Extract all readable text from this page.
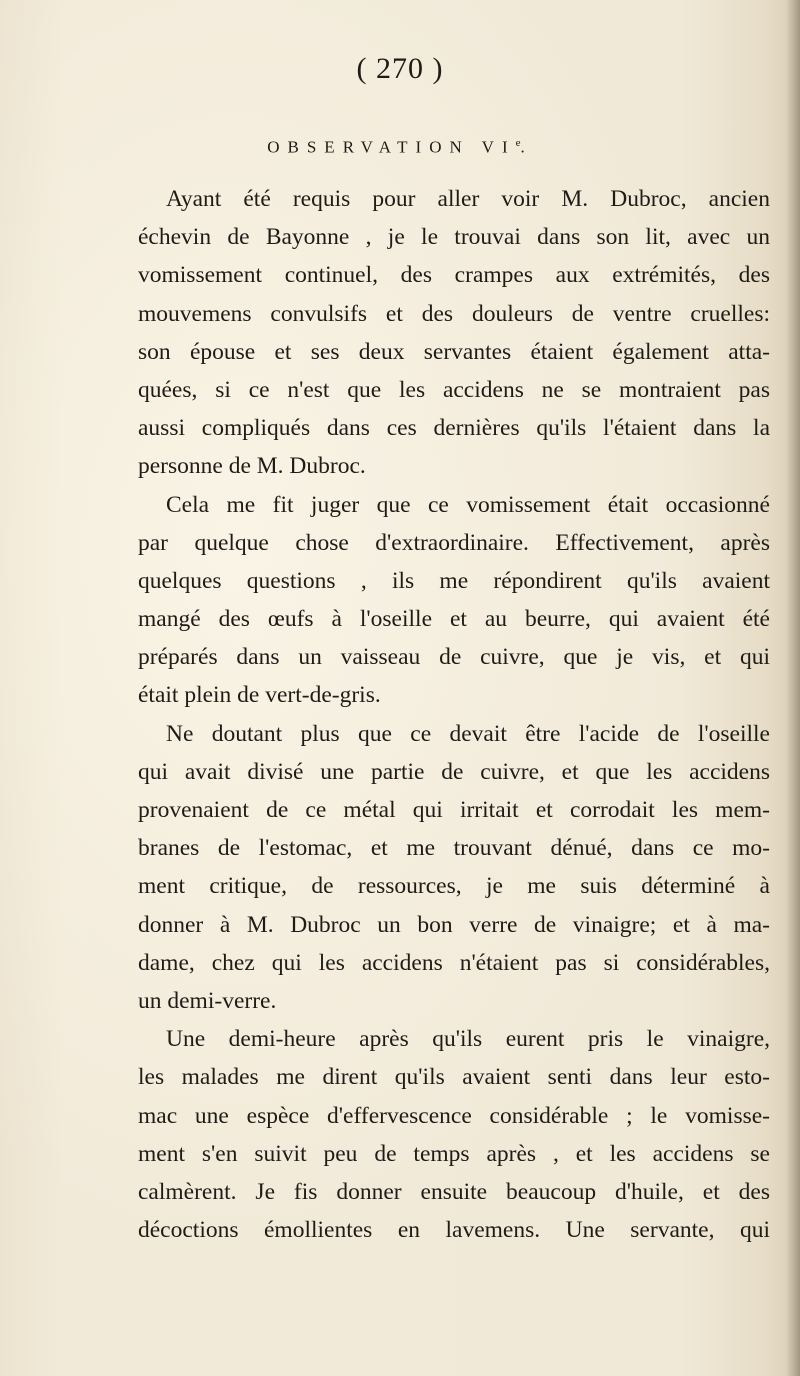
( 270 )
OBSERVATION VIe.
Ayant été requis pour aller voir M. Dubroc, ancien
échevin de Bayonne , je le trouvai dans son lit, avec un
vomissement continuel, des crampes aux extrémités, des
mouvemens convulsifs et des douleurs de ventre cruelles:
son épouse et ses deux servantes étaient également atta-
quées, si ce n'est que les accidens ne se montraient pas
aussi compliqués dans ces dernières qu'ils l'étaient dans la
personne de M. Dubroc.
Cela me fit juger que ce vomissement était occasionné
par quelque chose d'extraordinaire. Effectivement, après
quelques questions , ils me répondirent qu'ils avaient
mangé des œufs à l'oseille et au beurre, qui avaient été
préparés dans un vaisseau de cuivre, que je vis, et qui
était plein de vert-de-gris.
Ne doutant plus que ce devait être l'acide de l'oseille
qui avait divisé une partie de cuivre, et que les accidens
provenaient de ce métal qui irritait et corrodait les mem-
branes de l'estomac, et me trouvant dénué, dans ce mo-
ment critique, de ressources, je me suis déterminé à
donner à M. Dubroc un bon verre de vinaigre; et à ma-
dame, chez qui les accidens n'étaient pas si considérables,
un demi-verre.
Une demi-heure après qu'ils eurent pris le vinaigre,
les malades me dirent qu'ils avaient senti dans leur esto-
mac une espèce d'effervescence considérable ; le vomisse-
ment s'en suivit peu de temps après , et les accidens se
calmèrent. Je fis donner ensuite beaucoup d'huile, et des
décoctions émollientes en lavemens. Une servante, qui
